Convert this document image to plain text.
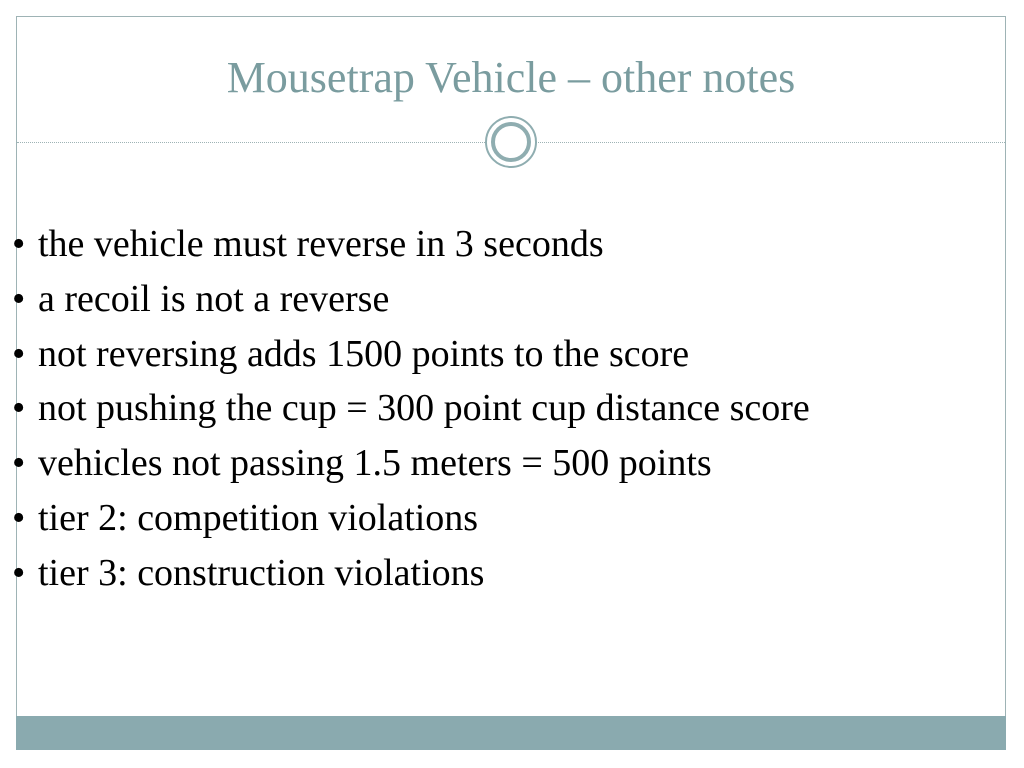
Mousetrap Vehicle – other notes
• the vehicle must reverse in 3 seconds
• a recoil is not a reverse
• not reversing adds 1500 points to the score
• not pushing the cup = 300 point cup distance score
• vehicles not passing 1.5 meters = 500 points
• tier 2: competition violations
• tier 3: construction violations
